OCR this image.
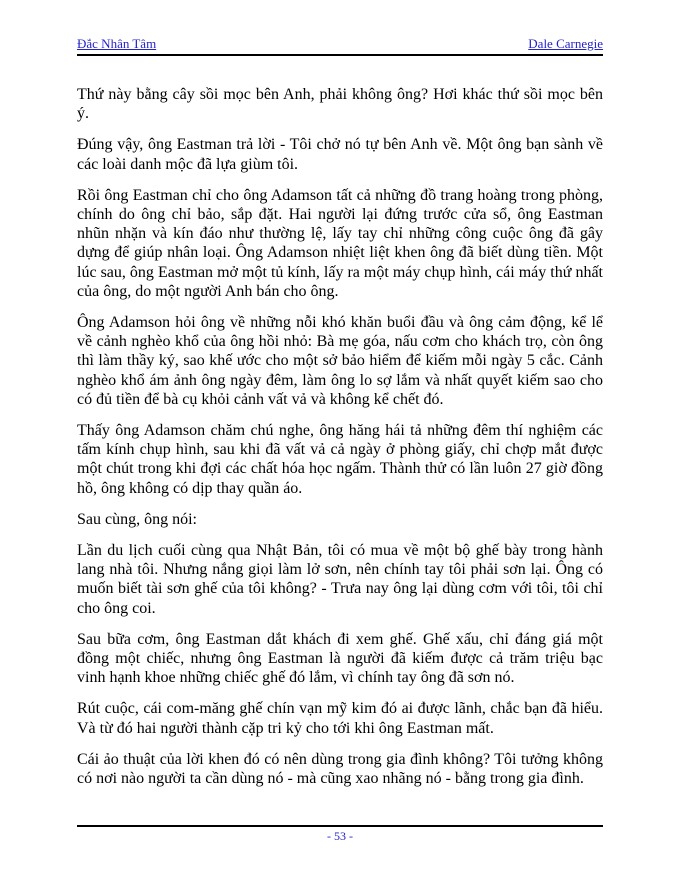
Đắc Nhân Tâm	Dale Carnegie

Thứ này bằng cây sồi mọc bên Anh, phải không ông? Hơi khác thứ sồi mọc bên ý.

Đúng vậy, ông Eastman trả lời - Tôi chở nó tự bên Anh về. Một ông bạn sành về các loài danh mộc đã lựa giùm tôi.

Rồi ông Eastman chỉ cho ông Adamson tất cả những đồ trang hoàng trong phòng, chính do ông chỉ bảo, sắp đặt. Hai người lại đứng trước cửa sổ, ông Eastman nhũn nhặn và kín đáo như thường lệ, lấy tay chỉ những công cuộc ông đã gây dựng để giúp nhân loại. Ông Adamson nhiệt liệt khen ông đã biết dùng tiền. Một lúc sau, ông Eastman mở một tủ kính, lấy ra một máy chụp hình, cái máy thứ nhất của ông, do một người Anh bán cho ông.

Ông Adamson hỏi ông về những nỗi khó khăn buổi đầu và ông cảm động, kể lể về cảnh nghèo khổ của ông hồi nhỏ: Bà mẹ góa, nấu cơm cho khách trọ, còn ông thì làm thầy ký, sao khế ước cho một sở bảo hiểm để kiếm mỗi ngày 5 cắc. Cảnh nghèo khổ ám ảnh ông ngày đêm, làm ông lo sợ lắm và nhất quyết kiếm sao cho có đủ tiền để bà cụ khỏi cảnh vất vả và không kể chết đó.

Thấy ông Adamson chăm chú nghe, ông hăng hái tả những đêm thí nghiệm các tấm kính chụp hình, sau khi đã vất vả cả ngày ở phòng giấy, chỉ chợp mắt được một chút trong khi đợi các chất hóa học ngấm. Thành thử có lần luôn 27 giờ đồng hồ, ông không có dịp thay quần áo.

Sau cùng, ông nói:

Lần du lịch cuối cùng qua Nhật Bản, tôi có mua về một bộ ghế bày trong hành lang nhà tôi. Nhưng nắng giọi làm lở sơn, nên chính tay tôi phải sơn lại. Ông có muốn biết tài sơn ghế của tôi không? - Trưa nay ông lại dùng cơm với tôi, tôi chỉ cho ông coi.

Sau bữa cơm, ông Eastman dắt khách đi xem ghế. Ghế xấu, chỉ đáng giá một đồng một chiếc, nhưng ông Eastman là người đã kiếm được cả trăm triệu bạc vinh hạnh khoe những chiếc ghế đó lắm, vì chính tay ông đã sơn nó.

Rút cuộc, cái com-măng ghế chín vạn mỹ kim đó ai được lãnh, chắc bạn đã hiểu. Và từ đó hai người thành cặp tri kỷ cho tới khi ông Eastman mất.

Cái ảo thuật của lời khen đó có nên dùng trong gia đình không? Tôi tưởng không có nơi nào người ta cần dùng nó - mà cũng xao nhãng nó - bằng trong gia đình.

- 53 -
